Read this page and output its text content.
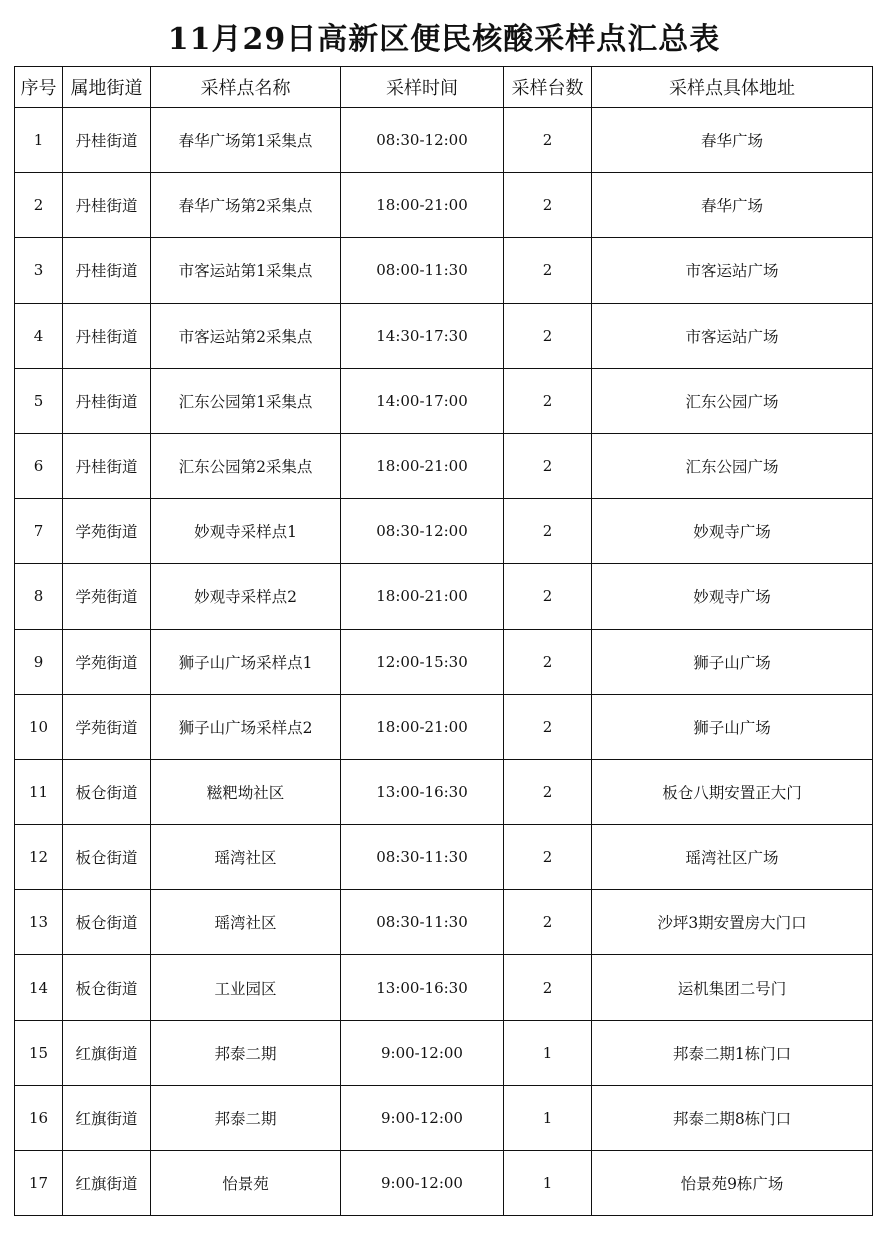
11月29日高新区便民核酸采样点汇总表
序号	属地街道	采样点名称	采样时间	采样台数	采样点具体地址
1	丹桂街道	春华广场第1采集点	08:30-12:00	2	春华广场
2	丹桂街道	春华广场第2采集点	18:00-21:00	2	春华广场
3	丹桂街道	市客运站第1采集点	08:00-11:30	2	市客运站广场
4	丹桂街道	市客运站第2采集点	14:30-17:30	2	市客运站广场
5	丹桂街道	汇东公园第1采集点	14:00-17:00	2	汇东公园广场
6	丹桂街道	汇东公园第2采集点	18:00-21:00	2	汇东公园广场
7	学苑街道	妙观寺采样点1	08:30-12:00	2	妙观寺广场
8	学苑街道	妙观寺采样点2	18:00-21:00	2	妙观寺广场
9	学苑街道	狮子山广场采样点1	12:00-15:30	2	狮子山广场
10	学苑街道	狮子山广场采样点2	18:00-21:00	2	狮子山广场
11	板仓街道	糍粑坳社区	13:00-16:30	2	板仓八期安置正大门
12	板仓街道	瑶湾社区	08:30-11:30	2	瑶湾社区广场
13	板仓街道	瑶湾社区	08:30-11:30	2	沙坪3期安置房大门口
14	板仓街道	工业园区	13:00-16:30	2	运机集团二号门
15	红旗街道	邦泰二期	9:00-12:00	1	邦泰二期1栋门口
16	红旗街道	邦泰二期	9:00-12:00	1	邦泰二期8栋门口
17	红旗街道	怡景苑	9:00-12:00	1	怡景苑9栋广场
